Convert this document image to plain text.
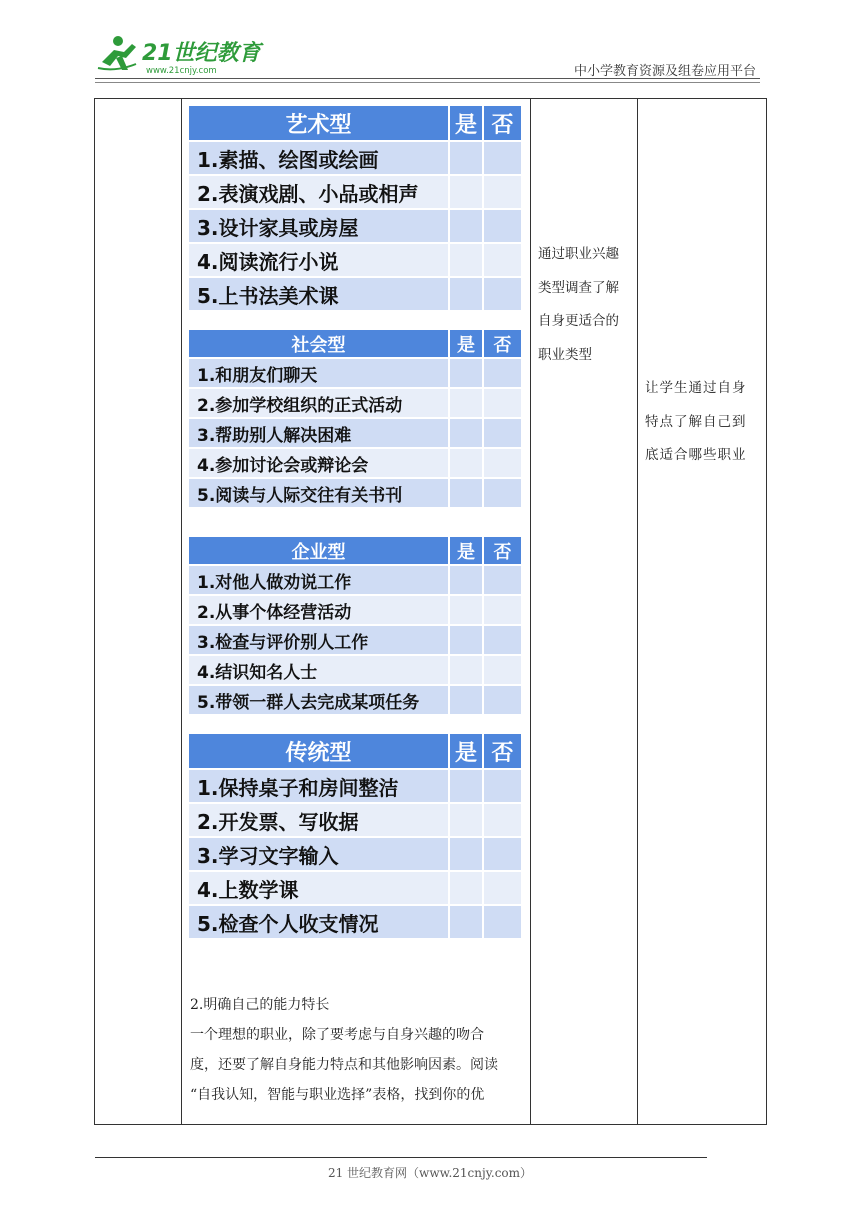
21世纪教育
www.21cnjy.com	中小学教育资源及组卷应用平台
艺术型	是	否
1.素描、绘图或绘画		
2.表演戏剧、小品或相声		
3.设计家具或房屋		
4.阅读流行小说		
5.上书法美术课		
社会型	是	否
1.和朋友们聊天		
2.参加学校组织的正式活动		
3.帮助别人解决困难		
4.参加讨论会或辩论会		
5.阅读与人际交往有关书刊		
企业型	是	否
1.对他人做劝说工作		
2.从事个体经营活动		
3.检查与评价别人工作		
4.结识知名人士		
5.带领一群人去完成某项任务		
传统型	是	否
1.保持桌子和房间整洁		
2.开发票、写收据		
3.学习文字输入		
4.上数学课		
5.检查个人收支情况		
2.明确自己的能力特长
一个理想的职业，除了要考虑与自身兴趣的吻合
度，还要了解自身能力特点和其他影响因素。阅读
“自我认知，智能与职业选择”表格，找到你的优
通过职业兴趣
类型调查了解
自身更适合的
职业类型
让学生通过自身
特点了解自己到
底适合哪些职业
21 世纪教育网（www.21cnjy.com）
